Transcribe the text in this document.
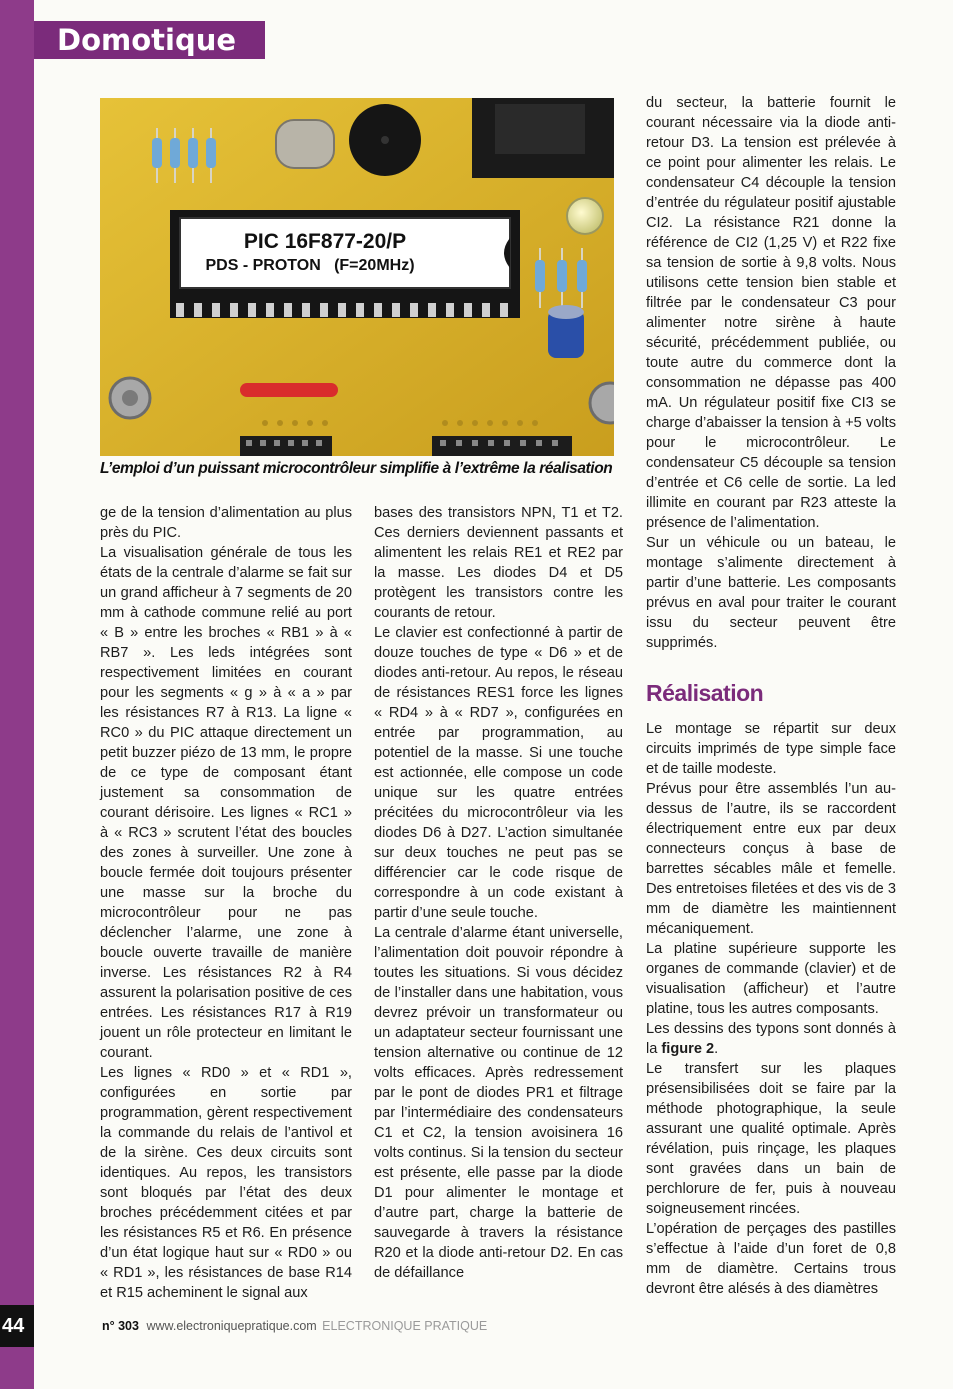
Domotique
PIC 16F877-20/P
PDS - PROTON   (F=20MHz)
L’emploi d’un puissant microcontrôleur simplifie à l’extrême la réalisation

ge de la tension d’alimentation au plus près du PIC.

La visualisation générale de tous les états de la centrale d’alarme se fait sur un grand afficheur à 7 segments de 20 mm à cathode commune relié au port « B » entre les broches « RB1 » à « RB7 ». Les leds intégrées sont respectivement limitées en courant pour les segments « g » à « a » par les résistances R7 à R13. La ligne « RC0 » du PIC attaque directement un petit buzzer piézo de 13 mm, le propre de ce type de composant étant justement sa consommation de courant dérisoire. Les lignes « RC1 » à « RC3 » scrutent l’état des boucles des zones à surveiller. Une zone à boucle fermée doit toujours présenter une masse sur la broche du microcontrôleur pour ne pas déclencher l’alarme, une zone à boucle ouverte travaille de manière inverse. Les résistances R2 à R4 assurent la polarisation positive de ces entrées. Les résistances R17 à R19 jouent un rôle protecteur en limitant le courant.

Les lignes « RD0 » et « RD1 », configurées en sortie par programmation, gèrent respectivement la commande du relais de l’antivol et de la sirène. Ces deux circuits sont identiques. Au repos, les transistors sont bloqués par l’état des deux broches précédemment citées et par les résistances R5 et R6. En présence d’un état logique haut sur « RD0 » ou « RD1 », les résistances de base R14 et R15 acheminent le signal aux

bases des transistors NPN, T1 et T2. Ces derniers deviennent passants et alimentent les relais RE1 et RE2 par la masse. Les diodes D4 et D5 protègent les transistors contre les courants de retour.

Le clavier est confectionné à partir de douze touches de type « D6 » et de diodes anti-retour. Au repos, le réseau de résistances RES1 force les lignes « RD4 » à « RD7 », configurées en entrée par programmation, au potentiel de la masse. Si une touche est actionnée, elle compose un code unique sur les quatre entrées précitées du microcontrôleur via les diodes D6 à D27. L’action simultanée sur deux touches ne peut pas se différencier car le code risque de correspondre à un code existant à partir d’une seule touche.

La centrale d’alarme étant universelle, l’alimentation doit pouvoir répondre à toutes les situations. Si vous décidez de l’installer dans une habitation, vous devrez prévoir un transformateur ou un adaptateur secteur fournissant une tension alternative ou continue de 12 volts efficaces. Après redressement par le pont de diodes PR1 et filtrage par l’intermédiaire des condensateurs C1 et C2, la tension avoisinera 16 volts continus. Si la tension du secteur est présente, elle passe par la diode D1 pour alimenter le montage et d’autre part, charge la batterie de sauvegarde à travers la résistance R20 et la diode anti-retour D2. En cas de défaillance

du secteur, la batterie fournit le courant nécessaire via la diode anti-retour D3. La tension est prélevée à ce point pour alimenter les relais. Le condensateur C4 découple la tension d’entrée du régulateur positif ajustable CI2. La résistance R21 donne la référence de CI2 (1,25 V) et R22 fixe sa tension de sortie à 9,8 volts. Nous utilisons cette tension bien stable et filtrée par le condensateur C3 pour alimenter notre sirène à haute sécurité, précédemment publiée, ou toute autre du commerce dont la consommation ne dépasse pas 400 mA. Un régulateur positif fixe CI3 se charge d’abaisser la tension à +5 volts pour le microcontrôleur. Le condensateur C5 découple sa tension d’entrée et C6 celle de sortie. La led illimite en courant par R23 atteste la présence de l’alimentation.

Sur un véhicule ou un bateau, le montage s’alimente directement à partir d’une batterie. Les composants prévus en aval pour traiter le courant issu du secteur peuvent être supprimés.

Réalisation

Le montage se répartit sur deux circuits imprimés de type simple face et de taille modeste.

Prévus pour être assemblés l’un au-dessus de l’autre, ils se raccordent électriquement entre eux par deux connecteurs conçus à base de barrettes sécables mâle et femelle. Des entretoises filetées et des vis de 3 mm de diamètre les maintiennent mécaniquement.

La platine supérieure supporte les organes de commande (clavier) et de visualisation (afficheur) et l’autre platine, tous les autres composants.

Les dessins des typons sont donnés à la figure 2.

Le transfert sur les plaques présensibilisées doit se faire par la méthode photographique, la seule assurant une qualité optimale. Après révélation, puis rinçage, les plaques sont gravées dans un bain de perchlorure de fer, puis à nouveau soigneusement rincées.

L’opération de perçages des pastilles s’effectue à l’aide d’un foret de 0,8 mm de diamètre. Certains trous devront être alésés à des diamètres

44	n° 303 www.electroniquepratique.com ELECTRONIQUE PRATIQUE
